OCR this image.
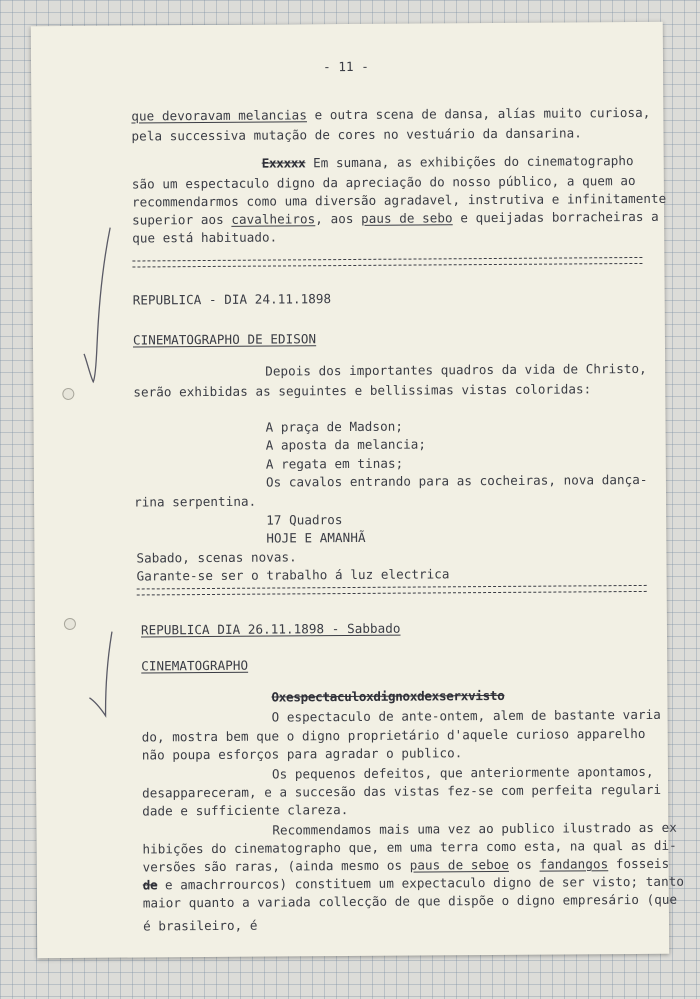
- 11 -
que devoravam melancias e outra scena de dansa, alías muito curiosa,
pela successiva mutação de cores no vestuário da dansarina.
Exxxxx Em sumana, as exhibições do cinematographo
são um espectaculo digno da apreciação do nosso público, a quem ao
recommendarmos como uma diversão agradavel, instrutiva e infinitamente
superior aos cavalheiros, aos paus de sebo e queijadas borracheiras a
que está habituado.
REPUBLICA - DIA 24.11.1898
CINEMATOGRAPHO DE EDISON
Depois dos importantes quadros da vida de Christo,
serão exhibidas as seguintes e bellissimas vistas coloridas:
A praça de Madson;
A aposta da melancia;
A regata em tinas;
Os cavalos entrando para as cocheiras, nova dança-
rina serpentina.
17 Quadros
HOJE E AMANHÃ
Sabado, scenas novas.
Garante-se ser o trabalho á luz electrica
REPUBLICA DIA 26.11.1898 - Sabbado
CINEMATOGRAPHO
Oxespectaculoxdignoxdexserxvisto
O espectaculo de ante-ontem, alem de bastante varia
do, mostra bem que o digno proprietário d'aquele curioso apparelho
não poupa esforços para agradar o publico.
Os pequenos defeitos, que anteriormente apontamos,
desappareceram, e a succesão das vistas fez-se com perfeita regulari
dade e sufficiente clareza.
Recommendamos mais uma vez ao publico ilustrado as ex
hibições do cinematographo que, em uma terra como esta, na qual as di-
versões são raras, (ainda mesmo os paus de seboe os fandangos fosseis
de e amachrrourcos) constituem um expectaculo digno de ser visto; tanto
maior quanto a variada collecção de que dispõe o digno empresário (que
é brasileiro, é
